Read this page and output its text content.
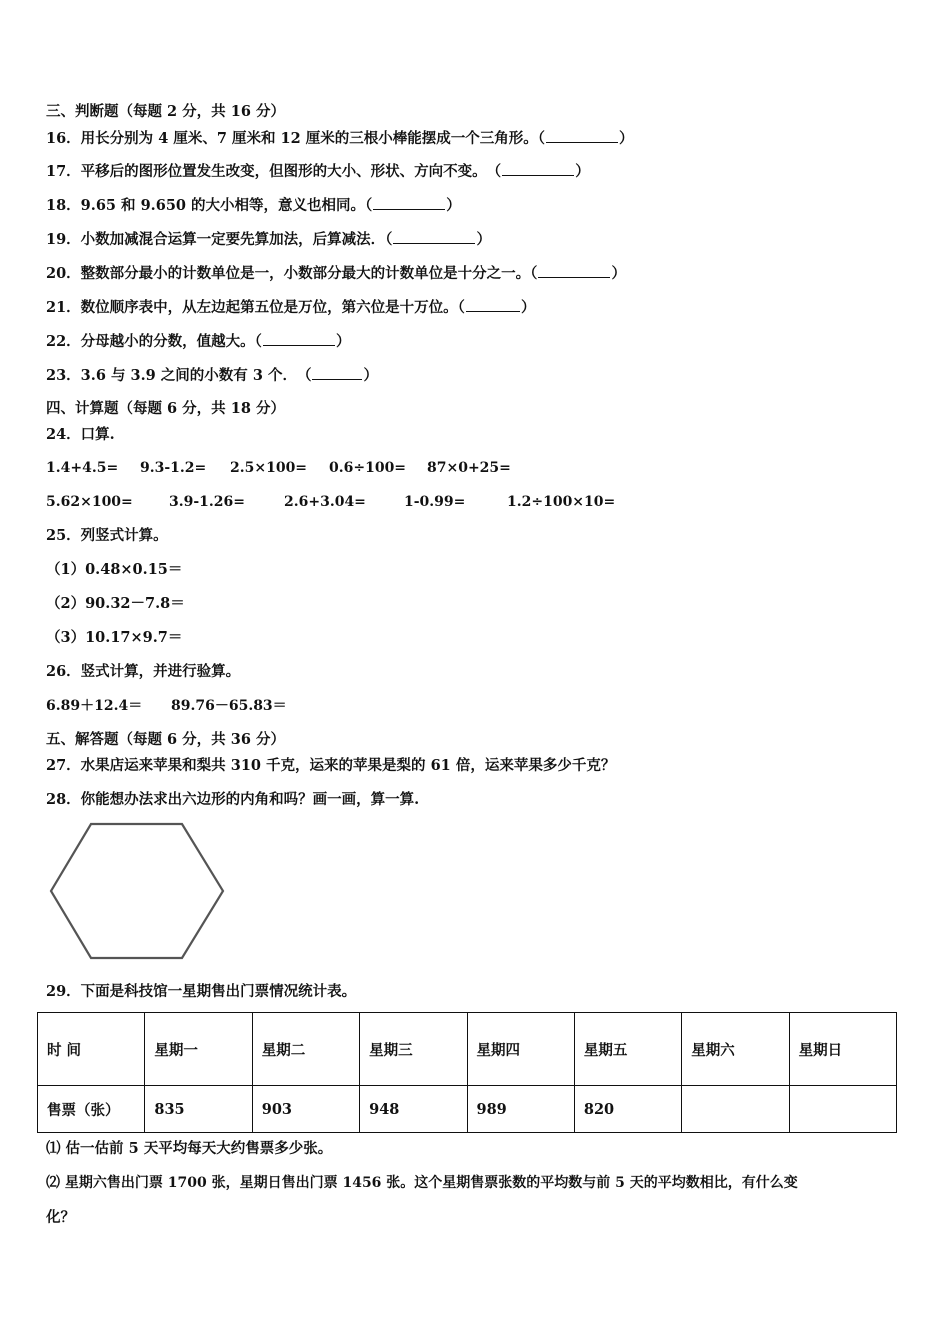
三、判断题（每题 2 分，共 16 分）
16．用长分别为 4 厘米、7 厘米和 12 厘米的三根小棒能摆成一个三角形。（	）
17．平移后的图形位置发生改变，但图形的大小、形状、方向不变。　（	）
18．9.65 和 9.650 的大小相等，意义也相同。（	）
19．小数加减混合运算一定要先算加法，后算减法．（	）
20．整数部分最小的计数单位是一，小数部分最大的计数单位是十分之一。（	）
21．数位顺序表中，从左边起第五位是万位，第六位是十万位。（	）
22．分母越小的分数，值越大。（	）
23．3.6 与 3.9 之间的小数有 3 个．　（	）
四、计算题（每题 6 分，共 18 分）
24．口算.
1.4+4.5= 9.3-1.2= 2.5×100= 0.6÷100= 87×0+25=
5.62×100=	3.9-1.26=	2.6+3.04=	1-0.99=	1.2÷100×10=
25．列竖式计算。
（1）0.48×0.15＝
（2）90.32－7.8＝
（3）10.17×9.7＝
26．竖式计算，并进行验算。
6.89＋12.4＝ 89.76－65.83＝
五、解答题（每题 6 分，共 36 分）
27．水果店运来苹果和梨共 310 千克，运来的苹果是梨的 61 倍，运来苹果多少千克？
28．你能想办法求出六边形的内角和吗？画一画，算一算.
29．下面是科技馆一星期售出门票情况统计表。
时 间	星期一	星期二	星期三	星期四	星期五	星期六	星期日
售票（张）	835	903	948	989	820		
⑴ 估一估前 5 天平均每天大约售票多少张。
⑵ 星期六售出门票 1700 张，星期日售出门票 1456 张。这个星期售票张数的平均数与前 5 天的平均数相比，有什么变
化？
